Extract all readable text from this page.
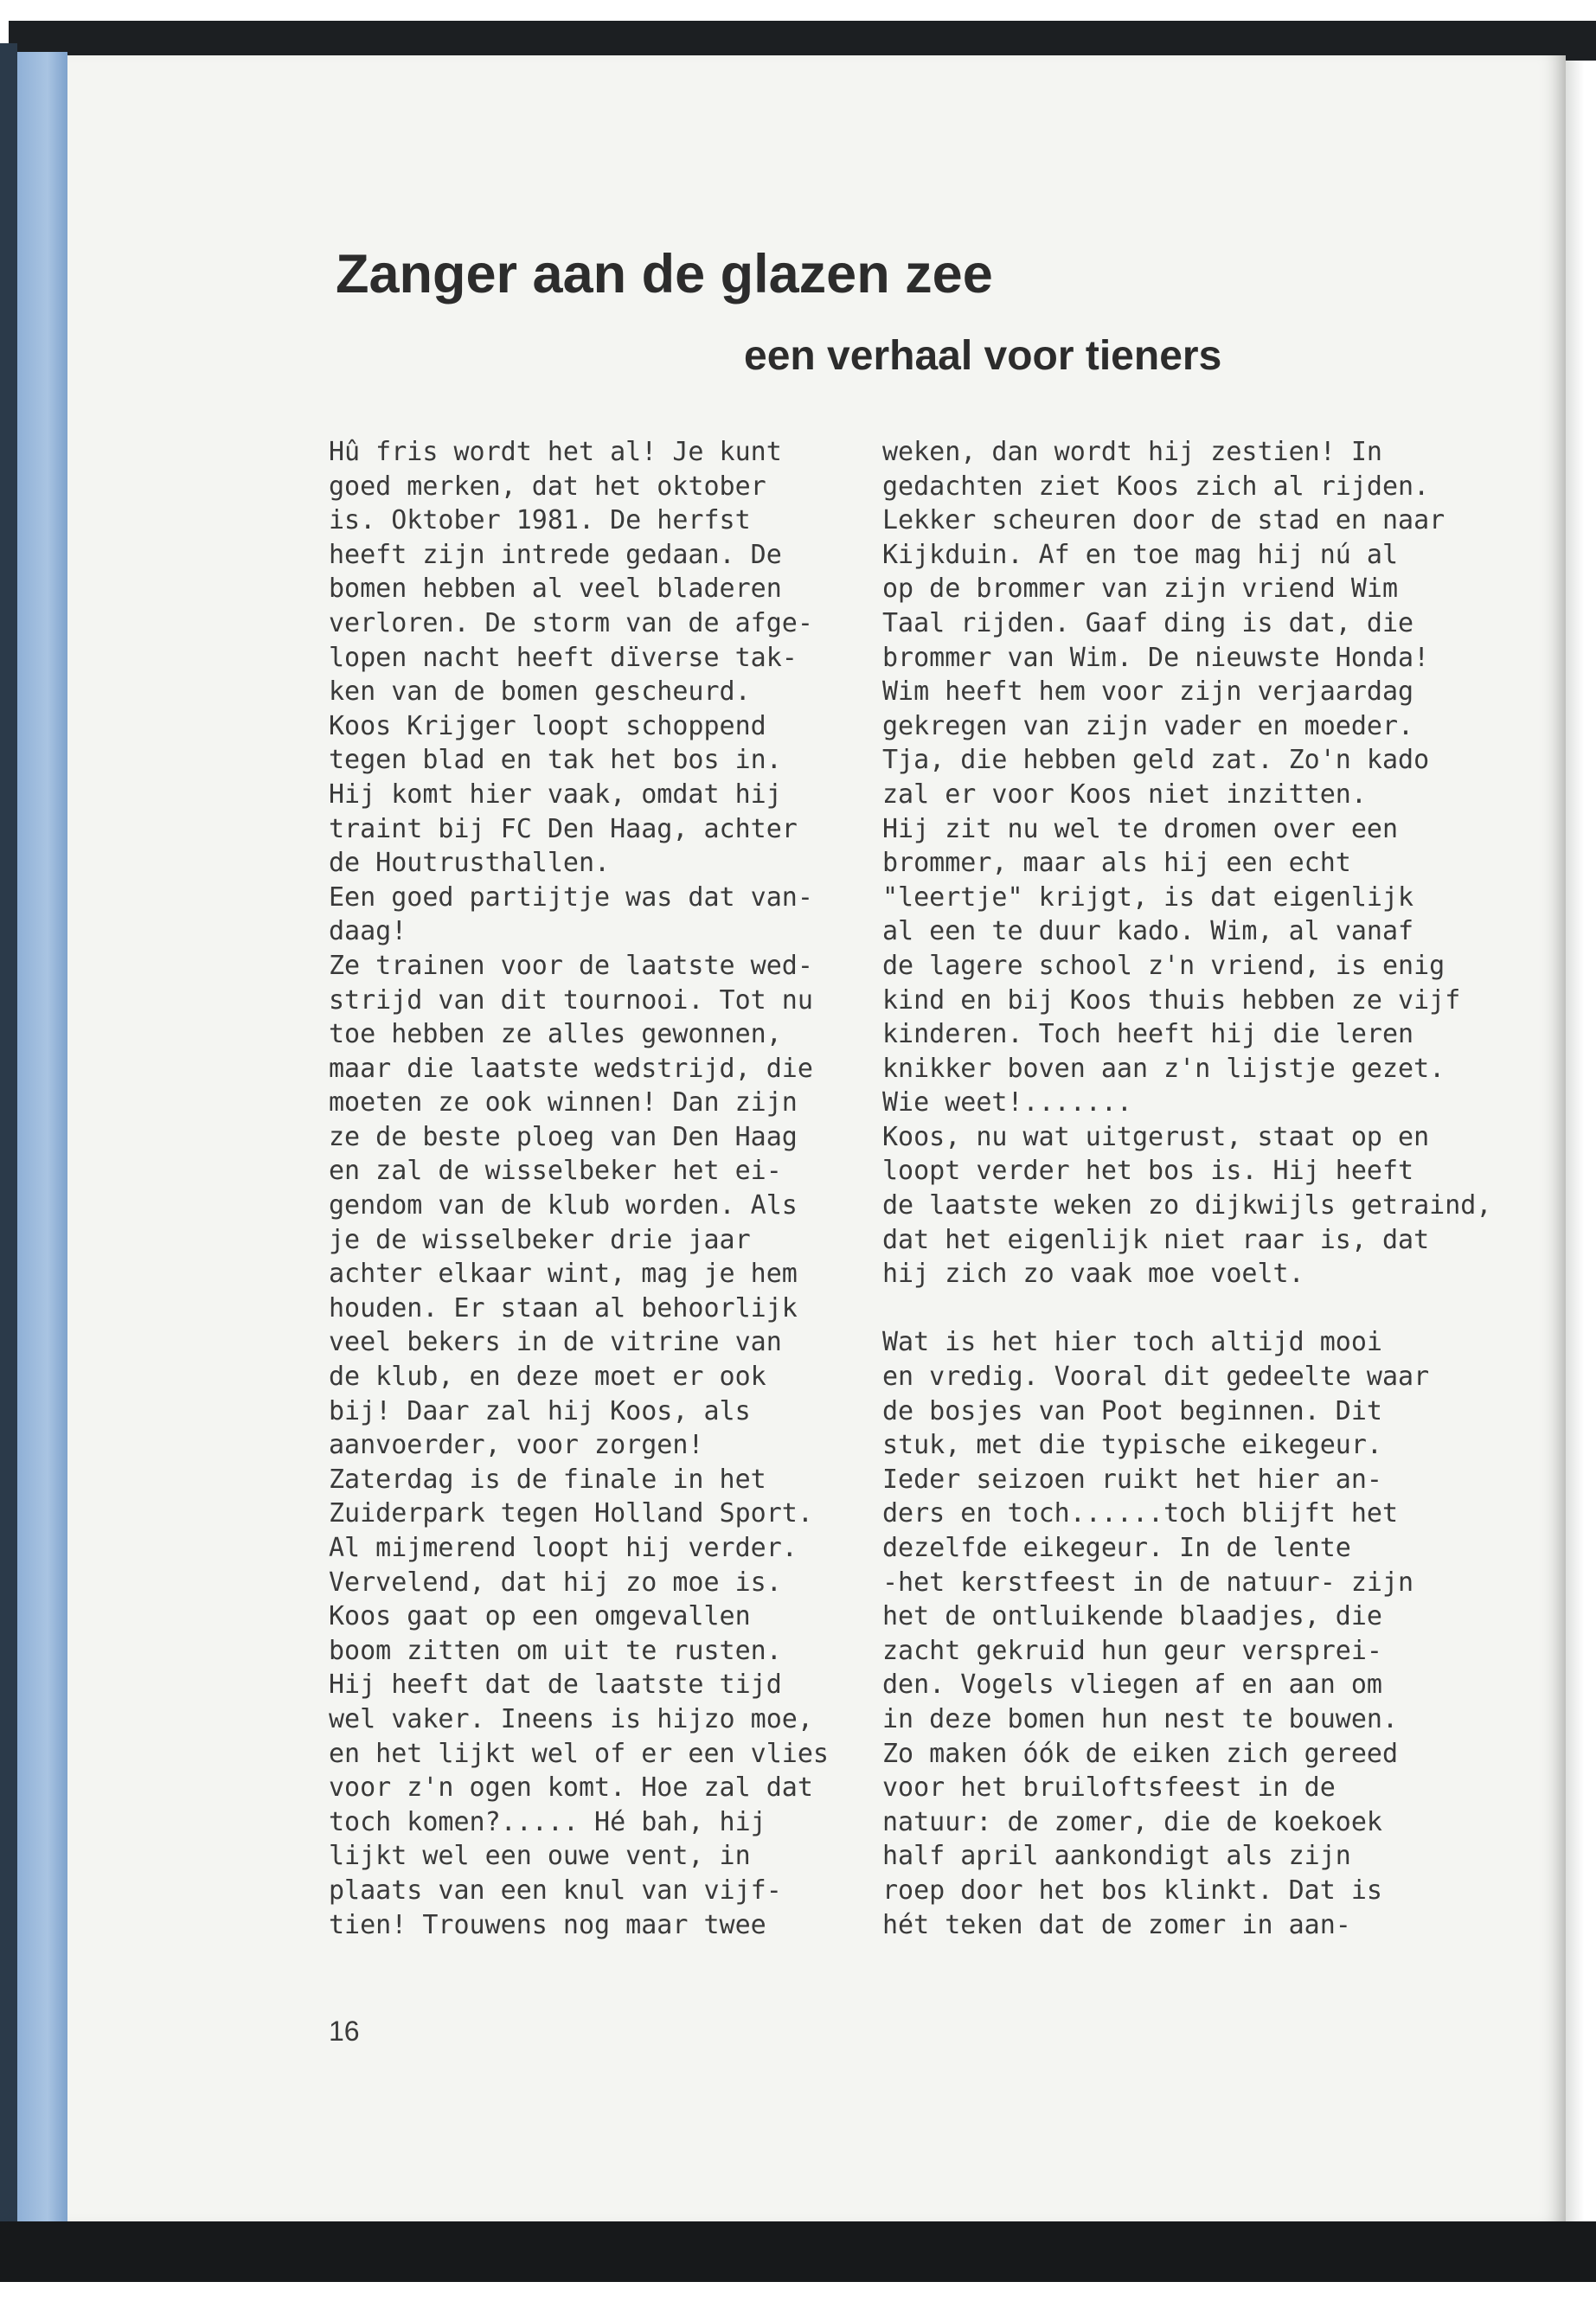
Zanger aan de glazen zee
een verhaal voor tieners
Hû fris wordt het al! Je kunt
goed merken, dat het oktober
is. Oktober 1981. De herfst
heeft zijn intrede gedaan. De
bomen hebben al veel bladeren
verloren. De storm van de afge-
lopen nacht heeft dïverse tak-
ken van de bomen gescheurd.
Koos Krijger loopt schoppend
tegen blad en tak het bos in.
Hij komt hier vaak, omdat hij
traint bij FC Den Haag, achter
de Houtrusthallen.
Een goed partijtje was dat van-
daag!
Ze trainen voor de laatste wed-
strijd van dit tournooi. Tot nu
toe hebben ze alles gewonnen,
maar die laatste wedstrijd, die
moeten ze ook winnen! Dan zijn
ze de beste ploeg van Den Haag
en zal de wisselbeker het ei-
gendom van de klub worden. Als
je de wisselbeker drie jaar
achter elkaar wint, mag je hem
houden. Er staan al behoorlijk
veel bekers in de vitrine van
de klub, en deze moet er ook
bij! Daar zal hij Koos, als
aanvoerder, voor zorgen!
Zaterdag is de finale in het
Zuiderpark tegen Holland Sport.
Al mijmerend loopt hij verder.
Vervelend, dat hij zo moe is.
Koos gaat op een omgevallen
boom zitten om uit te rusten.
Hij heeft dat de laatste tijd
wel vaker. Ineens is hijzo moe,
en het lijkt wel of er een vlies
voor z'n ogen komt. Hoe zal dat
toch komen?..... Hé bah, hij
lijkt wel een ouwe vent, in
plaats van een knul van vijf-
tien! Trouwens nog maar twee
weken, dan wordt hij zestien! In
gedachten ziet Koos zich al rijden.
Lekker scheuren door de stad en naar
Kijkduin. Af en toe mag hij nú al
op de brommer van zijn vriend Wim
Taal rijden. Gaaf ding is dat, die
brommer van Wim. De nieuwste Honda!
Wim heeft hem voor zijn verjaardag
gekregen van zijn vader en moeder.
Tja, die hebben geld zat. Zo'n kado
zal er voor Koos niet inzitten.
Hij zit nu wel te dromen over een
brommer, maar als hij een echt
"leertje" krijgt, is dat eigenlijk
al een te duur kado. Wim, al vanaf
de lagere school z'n vriend, is enig
kind en bij Koos thuis hebben ze vijf
kinderen. Toch heeft hij die leren
knikker boven aan z'n lijstje gezet.
Wie weet!.......
Koos, nu wat uitgerust, staat op en
loopt verder het bos is. Hij heeft
de laatste weken zo dijkwijls getraind,
dat het eigenlijk niet raar is, dat
hij zich zo vaak moe voelt.
Wat is het hier toch altijd mooi
en vredig. Vooral dit gedeelte waar
de bosjes van Poot beginnen. Dit
stuk, met die typische eikegeur.
Ieder seizoen ruikt het hier an-
ders en toch......toch blijft het
dezelfde eikegeur. In de lente
-het kerstfeest in de natuur- zijn
het de ontluikende blaadjes, die
zacht gekruid hun geur versprei-
den. Vogels vliegen af en aan om
in deze bomen hun nest te bouwen.
Zo maken óók de eiken zich gereed
voor het bruiloftsfeest in de
natuur: de zomer, die de koekoek
half april aankondigt als zijn
roep door het bos klinkt. Dat is
hét teken dat de zomer in aan-
16
